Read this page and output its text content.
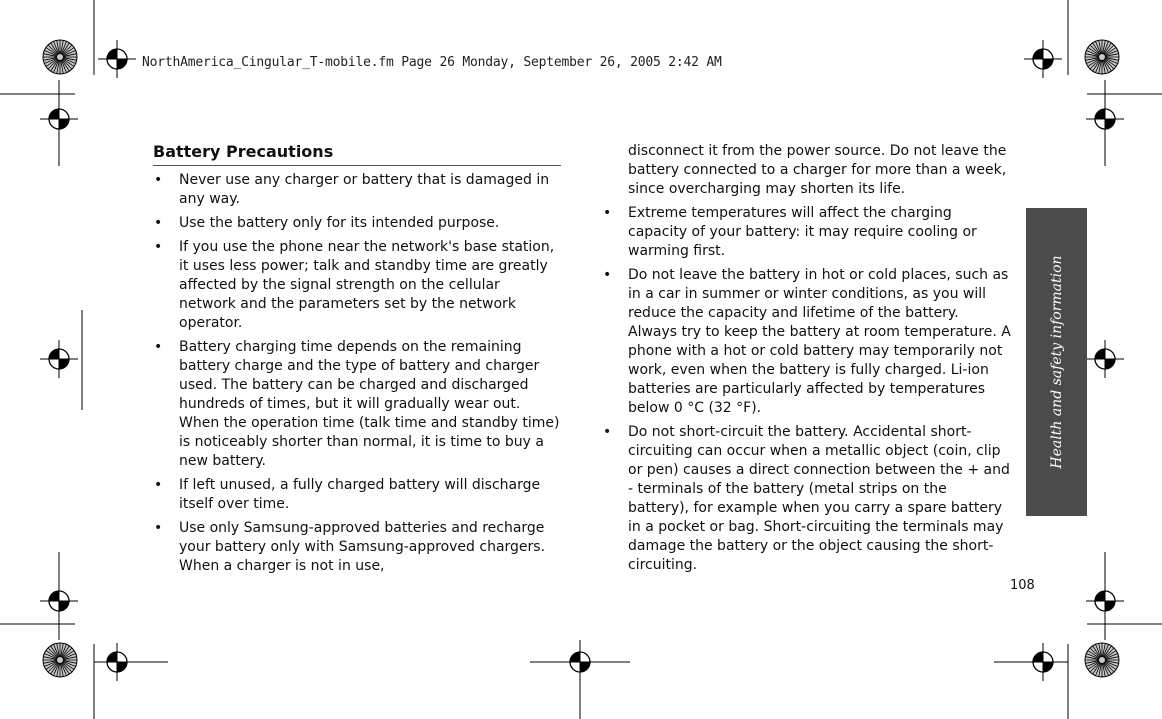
NorthAmerica_Cingular_T-mobile.fm Page 26 Monday, September 26, 2005 2:42 AM
Battery Precautions
• Never use any charger or battery that is damaged in any way.
• Use the battery only for its intended purpose.
• If you use the phone near the network's base station, it uses less power; talk and standby time are greatly affected by the signal strength on the cellular network and the parameters set by the network operator.
• Battery charging time depends on the remaining battery charge and the type of battery and charger used. The battery can be charged and discharged hundreds of times, but it will gradually wear out. When the operation time (talk time and standby time) is noticeably shorter than normal, it is time to buy a new battery.
• If left unused, a fully charged battery will discharge itself over time.
• Use only Samsung-approved batteries and recharge your battery only with Samsung-approved chargers. When a charger is not in use,
disconnect it from the power source. Do not leave the battery connected to a charger for more than a week, since overcharging may shorten its life.
• Extreme temperatures will affect the charging capacity of your battery: it may require cooling or warming first.
• Do not leave the battery in hot or cold places, such as in a car in summer or winter conditions, as you will reduce the capacity and lifetime of the battery. Always try to keep the battery at room temperature. A phone with a hot or cold battery may temporarily not work, even when the battery is fully charged. Li-ion batteries are particularly affected by temperatures below 0 °C (32 °F).
• Do not short-circuit the battery. Accidental short-circuiting can occur when a metallic object (coin, clip or pen) causes a direct connection between the + and - terminals of the battery (metal strips on the battery), for example when you carry a spare battery in a pocket or bag. Short-circuiting the terminals may damage the battery or the object causing the short-circuiting.
Health and safety information
108
